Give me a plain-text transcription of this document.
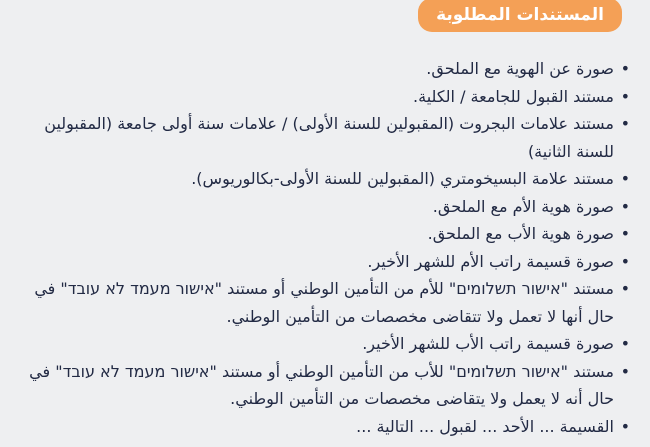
المستندات المطلوبة
•
صورة عن الهوية مع الملحق.
•
مستند القبول للجامعة / الكلية.
•
مستند علامات البجروت (المقبولين للسنة الأولى) / علامات سنة أولى جامعة (المقبولين للسنة الثانية)
•
مستند علامة البسيخومتري (المقبولين للسنة الأولى-بكالوريوس).
•
صورة هوية الأم مع الملحق.
•
صورة هوية الأب مع الملحق.
•
صورة قسيمة راتب الأم للشهر الأخير.
•
مستند "אישור תשלומים" للأم من التأمين الوطني أو مستند "אישור מעמד לא עובד" في حال أنها لا تعمل ولا تتقاضى مخصصات من التأمين الوطني.
•
صورة قسيمة راتب الأب للشهر الأخير.
•
مستند "אישור תשלומים" للأب من التأمين الوطني أو مستند "אישור מעמד לא עובד" في حال أنه لا يعمل ولا يتقاضى مخصصات من التأمين الوطني.
•
القسيمة ... الأحد ... لقبول ... التالية ...
